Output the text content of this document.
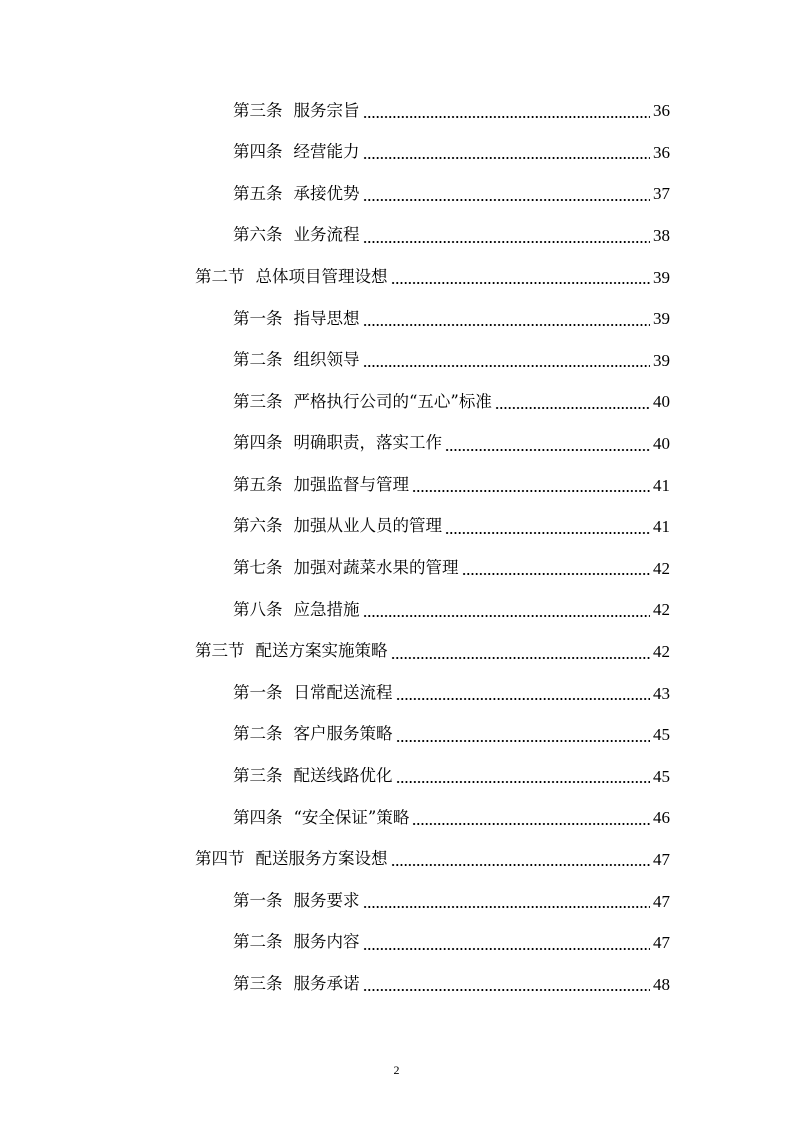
第三条 服务宗旨	36
第四条 经营能力	36
第五条 承接优势	37
第六条 业务流程	38
第二节 总体项目管理设想	39
第一条 指导思想	39
第二条 组织领导	39
第三条 严格执行公司的“五心”标准	40
第四条 明确职责，落实工作	40
第五条 加强监督与管理	41
第六条 加强从业人员的管理	41
第七条 加强对蔬菜水果的管理	42
第八条 应急措施	42
第三节 配送方案实施策略	42
第一条 日常配送流程	43
第二条 客户服务策略	45
第三条 配送线路优化	45
第四条 “安全保证”策略	46
第四节 配送服务方案设想	47
第一条 服务要求	47
第二条 服务内容	47
第三条 服务承诺	48
2
